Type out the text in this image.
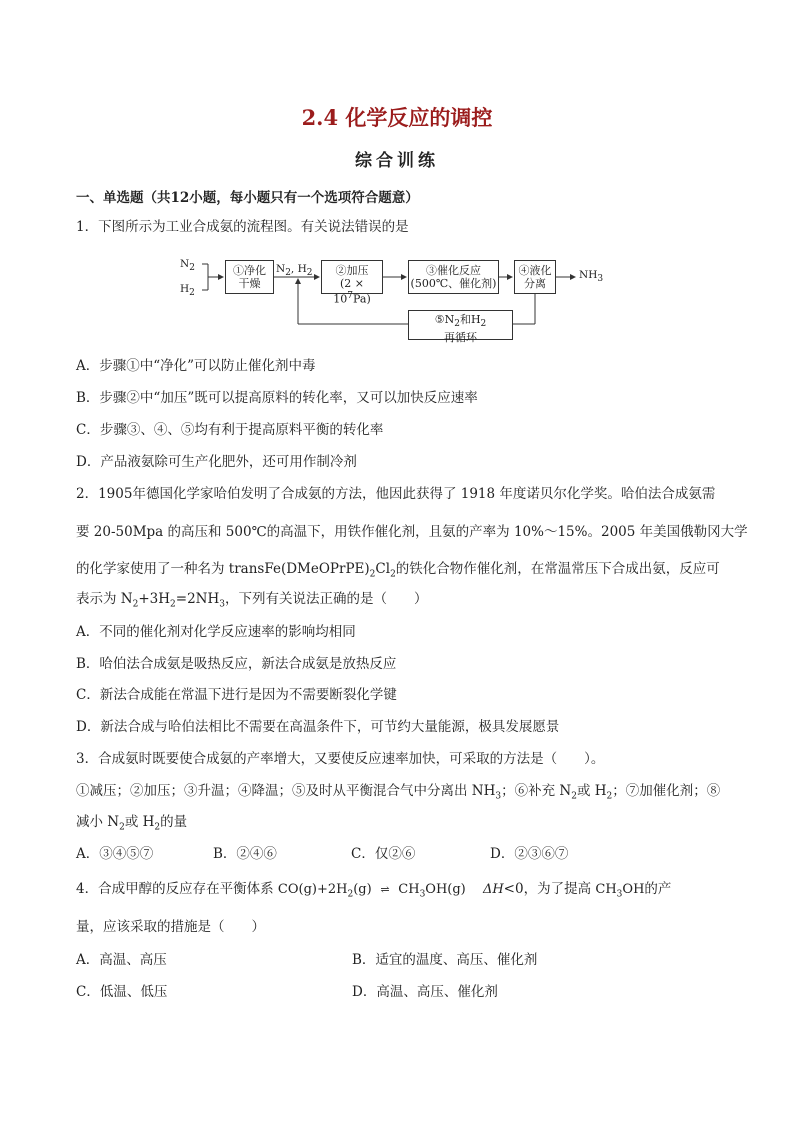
2.4 化学反应的调控
综合训练
一、单选题（共12小题，每小题只有一个选项符合题意）
1．下图所示为工业合成氨的流程图。有关说法错误的是
$N_2$
$H_2$
①净化
干燥
$N_2$, $H_2$	②加压
$(2 \times 10^7Pa)$
③催化反应
(500℃、催化剂)
④液化
分离
$NH_3$
$⑤N_2$和$H_2$
再循环
A．步骤①中“净化”可以防止催化剂中毒
B．步骤②中“加压”既可以提高原料的转化率，又可以加快反应速率
C．步骤③、④、⑤均有利于提高原料平衡的转化率
D．产品液氨除可生产化肥外，还可用作制冷剂
2．1905年德国化学家哈伯发明了合成氨的方法，他因此获得了 1918 年度诺贝尔化学奖。哈伯法合成氨需
要 20-50Mpa 的高压和 500℃的高温下，用铁作催化剂，且氨的产率为 10%～15%。2005 年美国俄勒冈大学
的化学家使用了一种名为 $transFe(DMeOPrPE)_2Cl_2$的铁化合物作催化剂，在常温常压下合成出氨，反应可
表示为 $N_2+3H_2=2NH_3$，下列有关说法正确的是（　　）
A．不同的催化剂对化学反应速率的影响均相同
B．哈伯法合成氨是吸热反应，新法合成氨是放热反应
C．新法合成能在常温下进行是因为不需要断裂化学键
D．新法合成与哈伯法相比不需要在高温条件下，可节约大量能源，极具发展愿景
3．合成氨时既要使合成氨的产率增大，又要使反应速率加快，可采取的方法是（　　）。
①减压；②加压；③升温；④降温；⑤及时从平衡混合气中分离出 $NH_3$；⑥补充 $N_2$或 $H_2$；⑦加催化剂；⑧
减小 $N_2$或 $H_2$的量
A．③④⑤⑦	B．②④⑥	C．仅②⑥	D．②③⑥⑦
4．合成甲醇的反应存在平衡体系 $CO(g)+2H_2(g)$ ⇌ $CH_3OH(g)$ ΔH<0，为了提高 $CH_3OH$的产
量，应该采取的措施是（　　）
A．高温、高压	B．适宜的温度、高压、催化剂
C．低温、低压	D．高温、高压、催化剂
